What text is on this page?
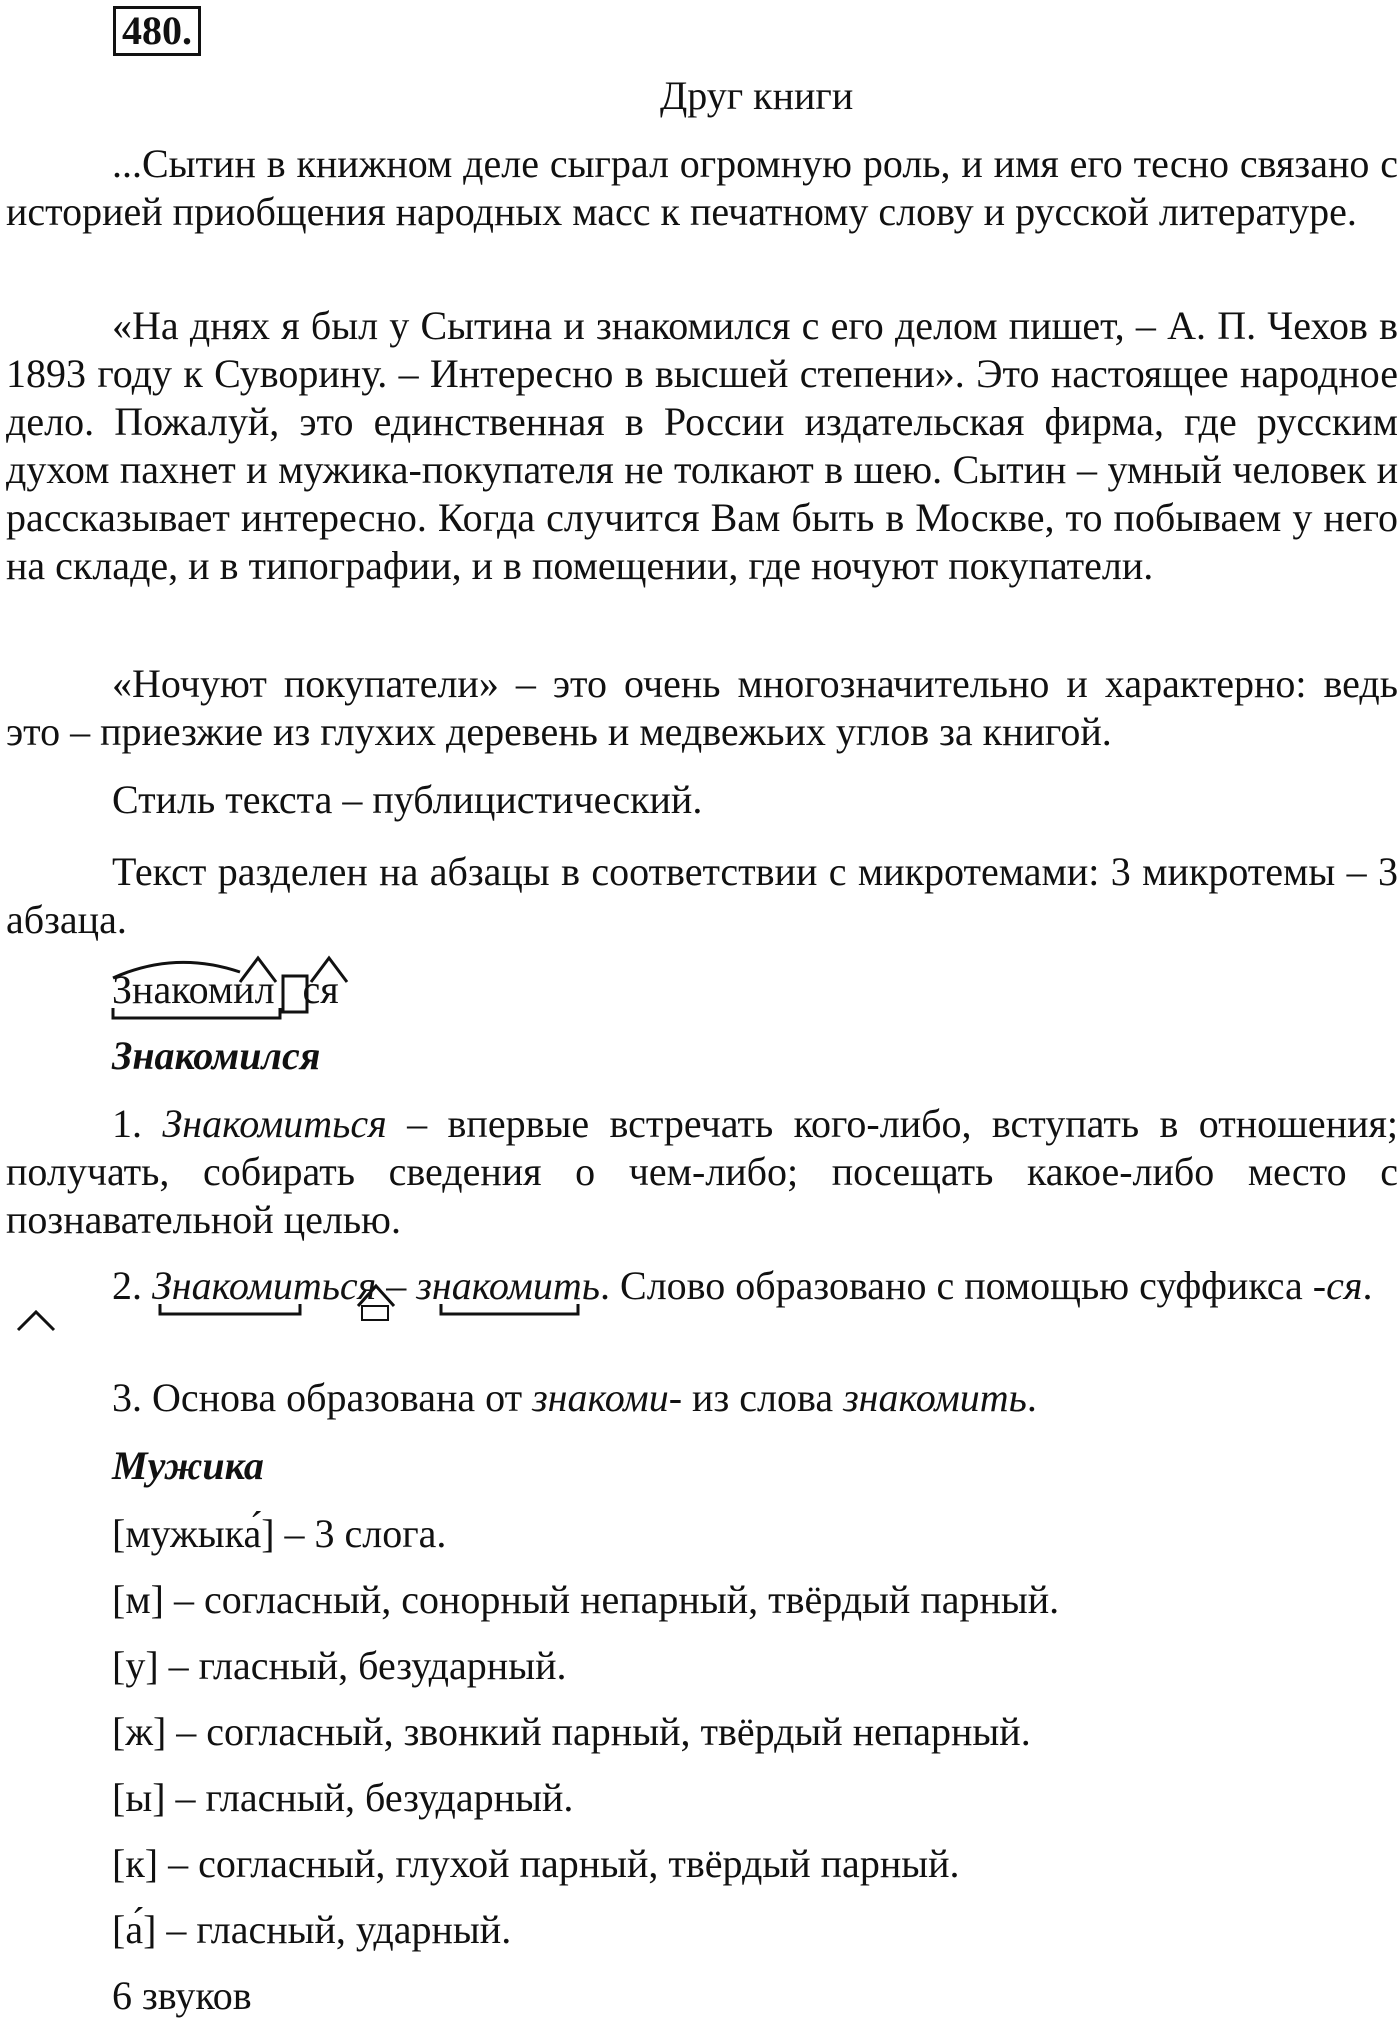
480.
Друг книги
...Сытин в книжном деле сыграл огромную роль, и имя его тесно связано с историей приобщения народных масс к печатному слову и русской литературе.
«На днях я был у Сытина и знакомился с его делом пишет, – А. П. Чехов в 1893 году к Суворину. – Интересно в высшей степени». Это настоящее народное дело. Пожалуй, это единственная в России издательская фирма, где русским духом пахнет и мужика-покупателя не толкают в шею. Сытин – умный человек и рассказывает интересно. Когда случится Вам быть в Москве, то побываем у него на складе, и в типографии, и в помещении, где ночуют покупатели.
«Ночуют покупатели» – это очень многозначительно и характерно: ведь это – приезжие из глухих деревень и медвежьих углов за книгой.
Стиль текста – публицистический.
Текст разделен на абзацы в соответствии с микротемами: 3 микротемы – 3 абзаца.
Знакомил ся
Знакомился
1. Знакомиться – впервые встречать кого-либо, вступать в отношения; получать, собирать сведения о чем-либо; посещать какое-либо место с познавательной целью.
2. Знакомиться – знакомить. Слово образовано с помощью суффикса -ся.
3. Основа образована от знакоми- из слова знакомить.
Мужика
[мужыка́] – 3 слога.
[м] – согласный, сонорный непарный, твёрдый парный.
[у] – гласный, безударный.
[ж] – согласный, звонкий парный, твёрдый непарный.
[ы] – гласный, безударный.
[к] – согласный, глухой парный, твёрдый парный.
[а́] – гласный, ударный.
6 звуков
